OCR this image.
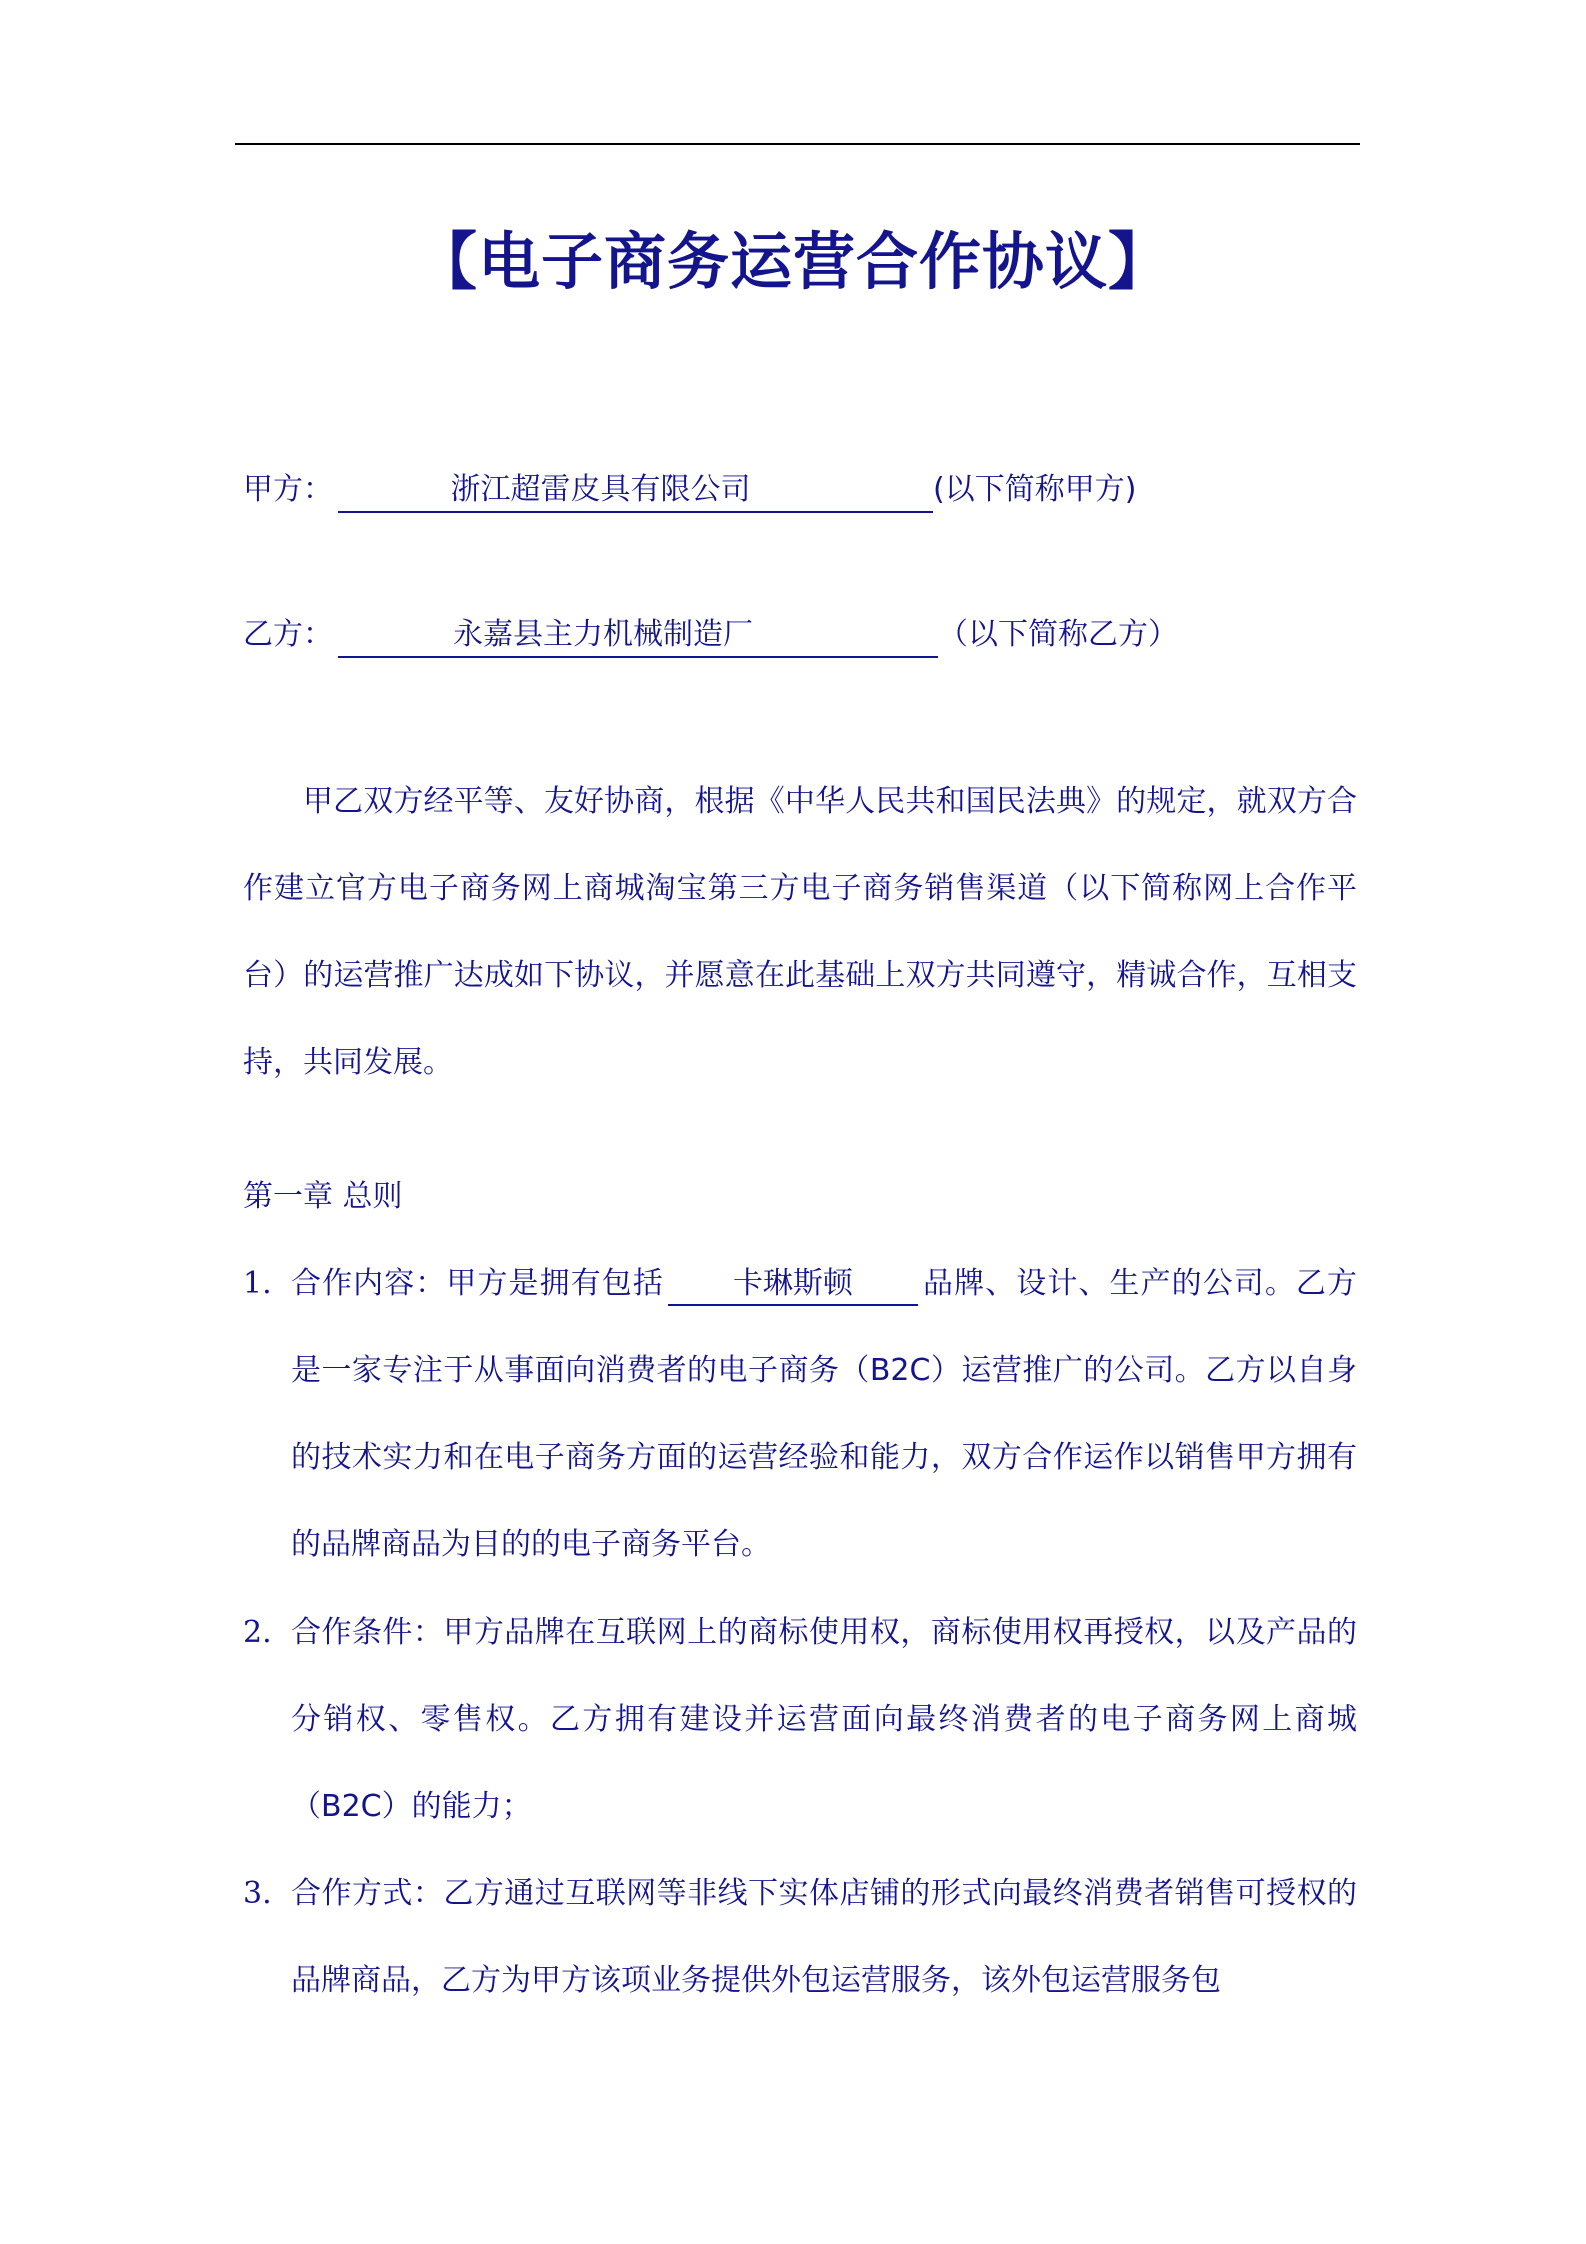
【电子商务运营合作协议】
甲方：	浙江超雷皮具有限公司	(以下简称甲方)
乙方：	永嘉县主力机械制造厂	（以下简称乙方）
甲乙双方经平等、友好协商，根据《中华人民共和国民法典》的规定，就双方合作建立官方电子商务网上商城淘宝第三方电子商务销售渠道（以下简称网上合作平台）的运营推广达成如下协议，并愿意在此基础上双方共同遵守，精诚合作，互相支持，共同发展。
第一章 总则
1. 合作内容：甲方是拥有包括 卡琳斯顿 品牌、设计、生产的公司。乙方是一家专注于从事面向消费者的电子商务（B2C）运营推广的公司。乙方以自身的技术实力和在电子商务方面的运营经验和能力，双方合作运作以销售甲方拥有的品牌商品为目的的电子商务平台。
2. 合作条件：甲方品牌在互联网上的商标使用权，商标使用权再授权，以及产品的分销权、零售权。乙方拥有建设并运营面向最终消费者的电子商务网上商城（B2C）的能力；
3. 合作方式：乙方通过互联网等非线下实体店铺的形式向最终消费者销售可授权的品牌商品，乙方为甲方该项业务提供外包运营服务，该外包运营服务包
